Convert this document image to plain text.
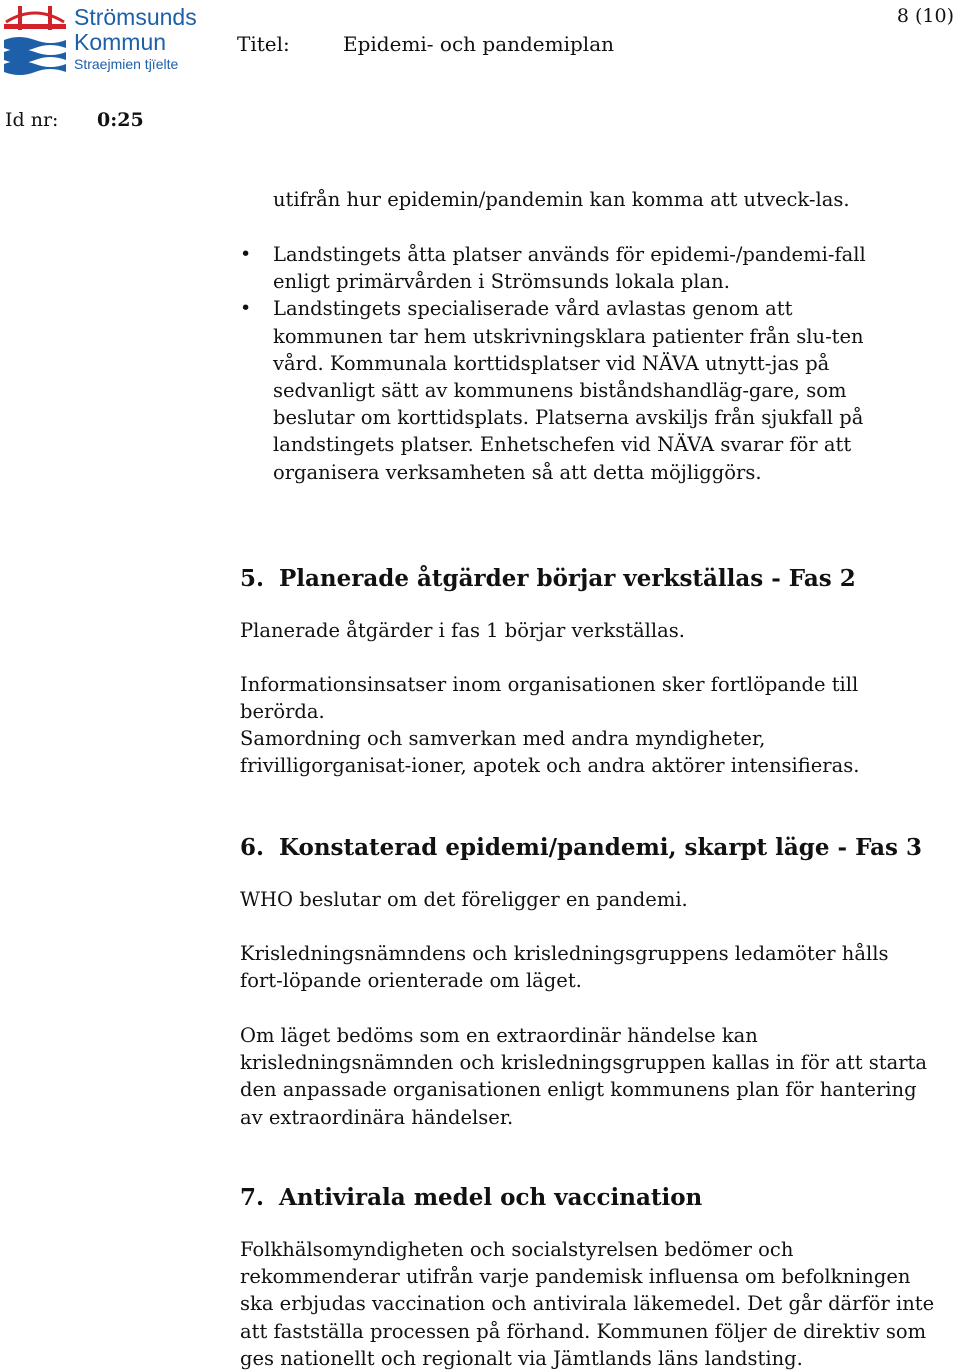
Strömsunds
Kommun
Straejmien tjïelte
Titel:	Epidemi- och pandemiplan
8 (10)
Id nr: 0:25
utifrån hur epidemin/pandemin kan komma att utveck-las.
• Landstingets åtta platser används för epidemi-/pandemi-fall enligt primärvården i Strömsunds lokala plan.
• Landstingets specialiserade vård avlastas genom att kommunen tar hem utskrivningsklara patienter från slu-ten vård. Kommunala korttidsplatser vid NÄVA utnytt-jas på sedvanligt sätt av kommunens biståndshandläg-gare, som beslutar om korttidsplats. Platserna avskiljs från sjukfall på landstingets platser. Enhetschefen vid NÄVA svarar för att organisera verksamheten så att detta möjliggörs.
5. Planerade åtgärder börjar verkställas - Fas 2
Planerade åtgärder i fas 1 börjar verkställas.
Informationsinsatser inom organisationen sker fortlöpande till berörda.
Samordning och samverkan med andra myndigheter, frivilligorganisat-ioner, apotek och andra aktörer intensifieras.
6. Konstaterad epidemi/pandemi, skarpt läge - Fas 3
WHO beslutar om det föreligger en pandemi.
Krisledningsnämndens och krisledningsgruppens ledamöter hålls fort-löpande orienterade om läget.
Om läget bedöms som en extraordinär händelse kan krisledningsnämnden och krisledningsgruppen kallas in för att starta den anpassade organisationen enligt kommunens plan för hantering av extraordinära händelser.
7. Antivirala medel och vaccination
Folkhälsomyndigheten och socialstyrelsen bedömer och rekommenderar utifrån varje pandemisk influensa om befolkningen ska erbjudas vaccination och antivirala läkemedel. Det går därför inte att fastställa processen på förhand. Kommunen följer de direktiv som ges nationellt och regionalt via Jämtlands läns landsting.
